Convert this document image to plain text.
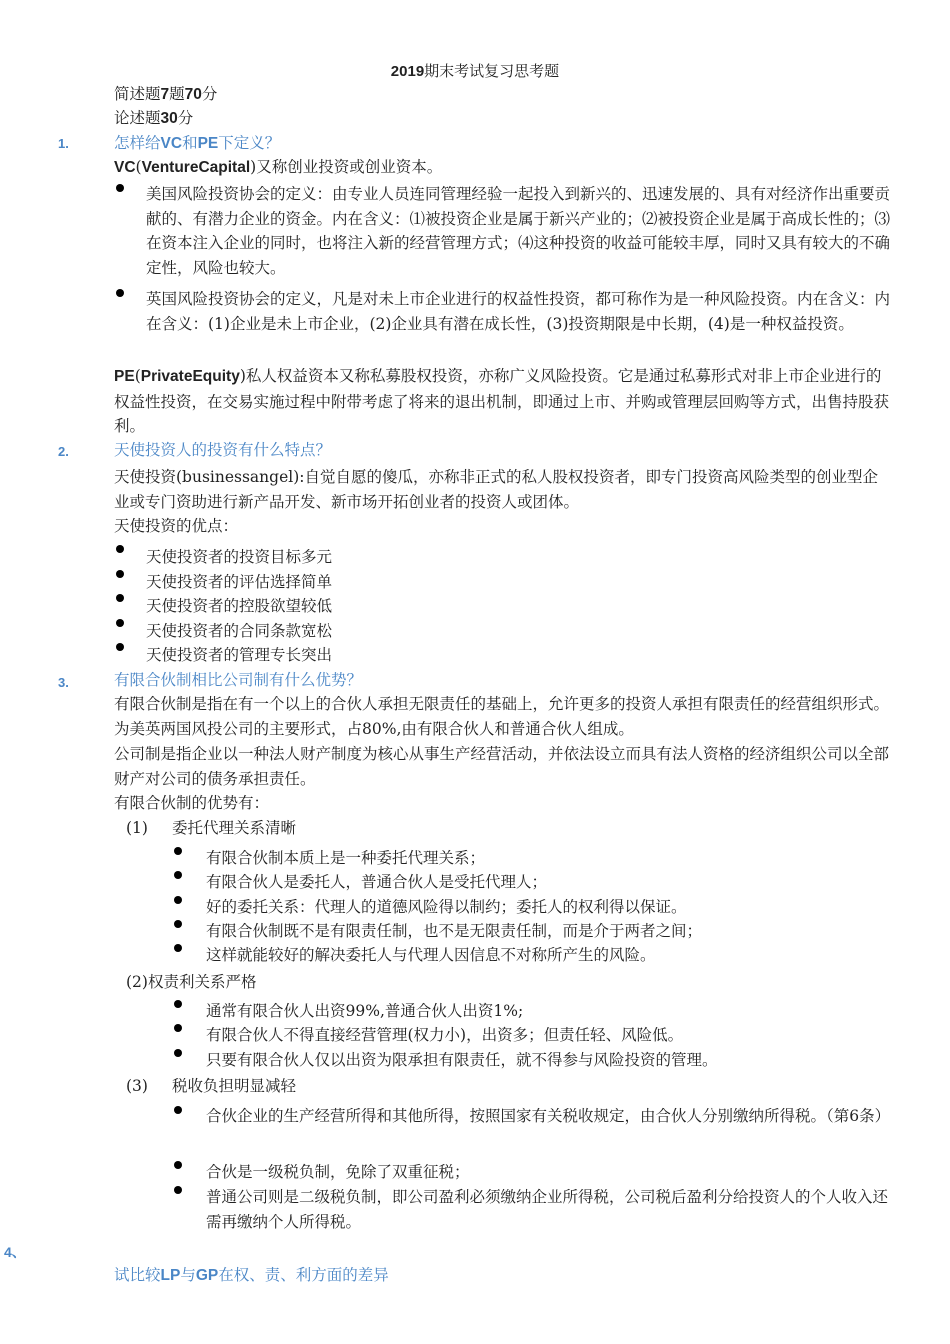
2019期末考试复习思考题
简述题7题70分
论述题30分
1.	怎样给VC和PE下定义？
VC(VentureCapital)又称创业投资或创业资本。
美国风险投资协会的定义：由专业人员连同管理经验一起投入到新兴的、迅速发展的、具有对经济作出重要贡献的、有潜力企业的资金。内在含义：⑴被投资企业是属于新兴产业的；⑵被投资企业是属于高成长性的；⑶在资本注入企业的同时，也将注入新的经营管理方式；⑷这种投资的收益可能较丰厚，同时又具有较大的不确定性，风险也较大。
英国风险投资协会的定义，凡是对未上市企业进行的权益性投资，都可称作为是一种风险投资。内在含义：内在含义：(1)企业是未上市企业，(2)企业具有潜在成长性，(3)投资期限是中长期，(4)是一种权益投资。
PE(PrivateEquity)私人权益资本又称私募股权投资，亦称广义风险投资。它是通过私募形式对非上市企业进行的权益性投资，在交易实施过程中附带考虑了将来的退出机制，即通过上市、并购或管理层回购等方式，出售持股获利。
2.	天使投资人的投资有什么特点？
天使投资(businessangel):自觉自愿的傻瓜，亦称非正式的私人股权投资者，即专门投资高风险类型的创业型企业或专门资助进行新产品开发、新市场开拓创业者的投资人或团体。
天使投资的优点：
天使投资者的投资目标多元
天使投资者的评估选择简单
天使投资者的控股欲望较低
天使投资者的合同条款宽松
天使投资者的管理专长突出
3.	有限合伙制相比公司制有什么优势？
有限合伙制是指在有一个以上的合伙人承担无限责任的基础上，允许更多的投资人承担有限责任的经营组织形式。为美英两国风投公司的主要形式，占80%,由有限合伙人和普通合伙人组成。
公司制是指企业以一种法人财产制度为核心从事生产经营活动，并依法设立而具有法人资格的经济组织公司以全部财产对公司的债务承担责任。
有限合伙制的优势有：
(1) 委托代理关系清晰
有限合伙制本质上是一种委托代理关系；
有限合伙人是委托人，普通合伙人是受托代理人；
好的委托关系：代理人的道德风险得以制约；委托人的权利得以保证。
有限合伙制既不是有限责任制，也不是无限责任制，而是介于两者之间；
这样就能较好的解决委托人与代理人因信息不对称所产生的风险。
(2)权责利关系严格
通常有限合伙人出资99%,普通合伙人出资1%;
有限合伙人不得直接经营管理(权力小)，出资多；但责任轻、风险低。
只要有限合伙人仅以出资为限承担有限责任，就不得参与风险投资的管理。
(3) 税收负担明显减轻
合伙企业的生产经营所得和其他所得，按照国家有关税收规定，由合伙人分别缴纳所得税。（第6条）
合伙是一级税负制，免除了双重征税；
普通公司则是二级税负制，即公司盈利必须缴纳企业所得税，公司税后盈利分给投资人的个人收入还需再缴纳个人所得税。
4、
试比较LP与GP在权、责、利方面的差异
